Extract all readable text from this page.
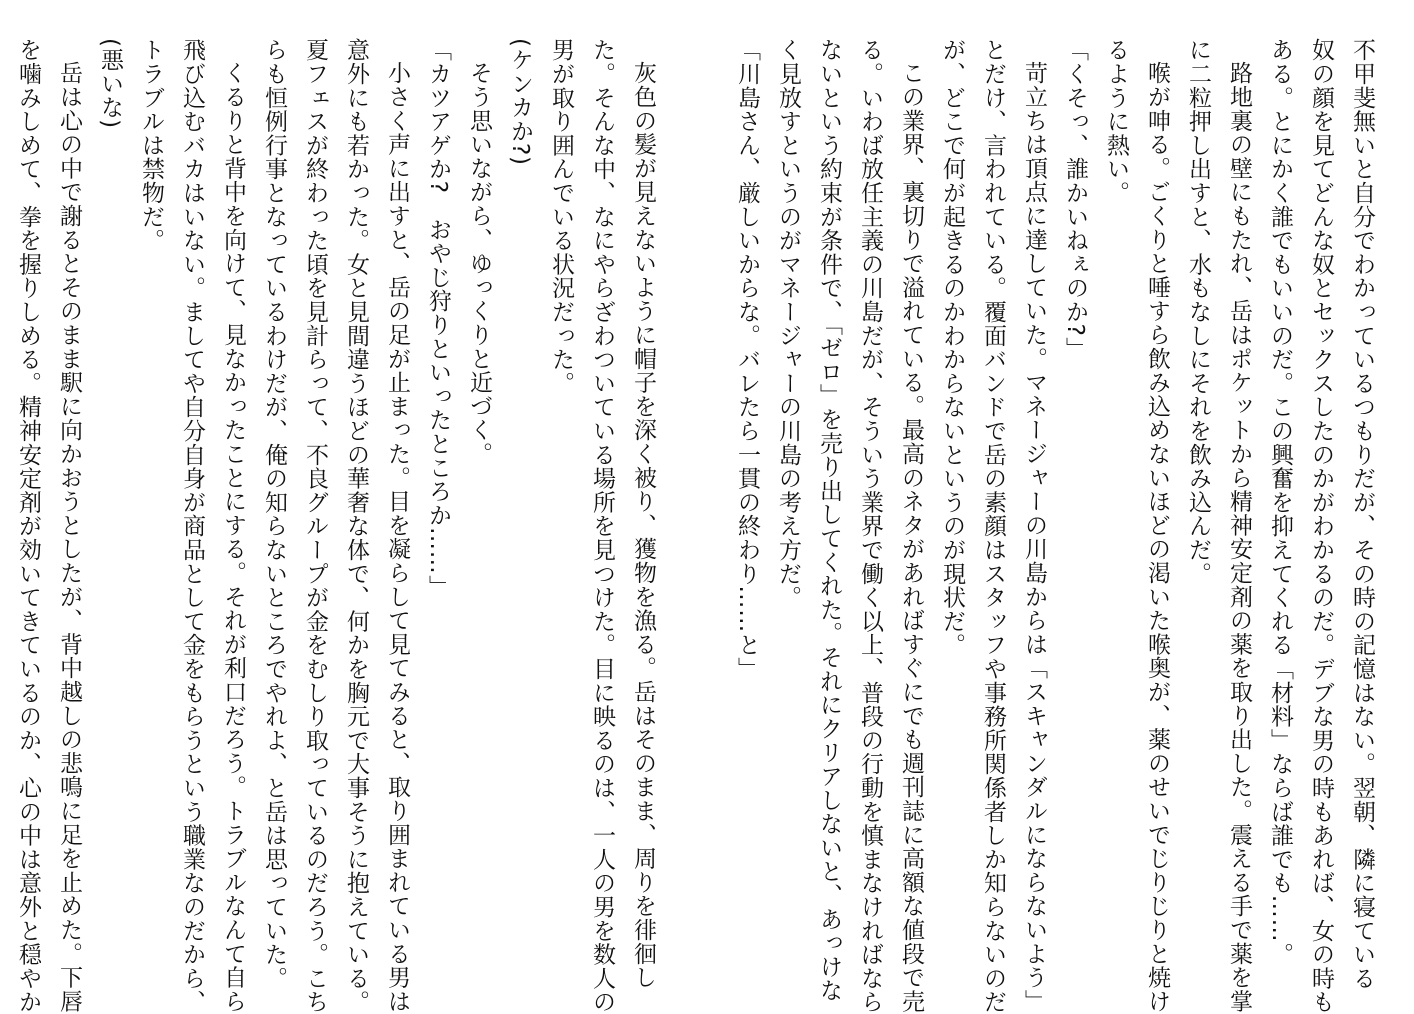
不甲斐無いと自分でわかっているつもりだが、その時の記憶はない。翌朝、隣に寝ている
奴の顔を見てどんな奴とセックスしたのかがわかるのだ。デブな男の時もあれば、女の時も
ある。とにかく誰でもいいのだ。この興奮を抑えてくれる「材料」ならば誰でも……。
路地裏の壁にもたれ、岳はポケットから精神安定剤の薬を取り出した。震える手で薬を掌
に二粒押し出すと、水もなしにそれを飲み込んだ。
喉が呻る。ごくりと唾すら飲み込めないほどの渇いた喉奥が、薬のせいでじりじりと焼け
るように熱い。
「くそっ、誰かいねぇのか?」
苛立ちは頂点に達していた。マネージャーの川島からは「スキャンダルにならないよう」
とだけ、言われている。覆面バンドで岳の素顔はスタッフや事務所関係者しか知らないのだ
が、どこで何が起きるのかわからないというのが現状だ。
この業界、裏切りで溢れている。最高のネタがあればすぐにでも週刊誌に高額な値段で売
る。いわば放任主義の川島だが、そういう業界で働く以上、普段の行動を慎まなければなら
ないという約束が条件で、「ゼロ」を売り出してくれた。それにクリアしないと、あっけな
く見放すというのがマネージャーの川島の考え方だ。
「川島さん、厳しいからな。バレたら一貫の終わり……と」
灰色の髪が見えないように帽子を深く被り、獲物を漁る。岳はそのまま、周りを徘徊し
た。そんな中、なにやらざわついている場所を見つけた。目に映るのは、一人の男を数人の
男が取り囲んでいる状況だった。
(ケンカか?)
そう思いながら、ゆっくりと近づく。
「カツアゲか?　おやじ狩りといったところか……」
小さく声に出すと、岳の足が止まった。目を凝らして見てみると、取り囲まれている男は
意外にも若かった。女と見間違うほどの華奢な体で、何かを胸元で大事そうに抱えている。
夏フェスが終わった頃を見計らって、不良グループが金をむしり取っているのだろう。こち
らも恒例行事となっているわけだが、俺の知らないところでやれよ、と岳は思っていた。
くるりと背中を向けて、見なかったことにする。それが利口だろう。トラブルなんて自ら
飛び込むバカはいない。ましてや自分自身が商品として金をもらうという職業なのだから、
トラブルは禁物だ。
(悪いな)
岳は心の中で謝るとそのまま駅に向かおうとしたが、背中越しの悲鳴に足を止めた。下唇
を噛みしめて、拳を握りしめる。精神安定剤が効いてきているのか、心の中は意外と穏やか
